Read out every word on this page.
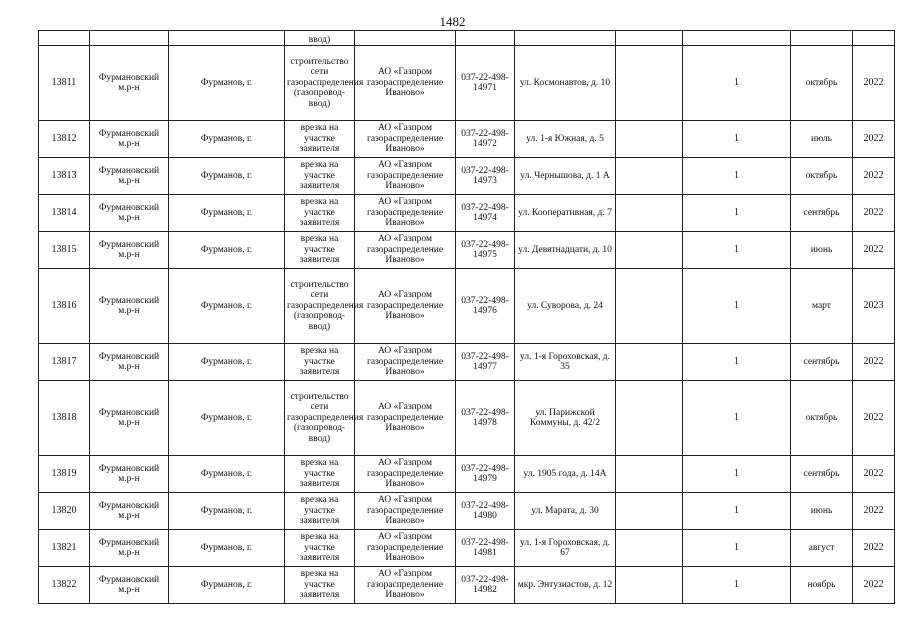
1482
			ввод)							
13811	Фурмановский м.р-н	Фурманов, г.	строительство сети газораспределения (газопровод-ввод)	АО «Газпром газораспределение Иваново»	037-22-498-14971	ул. Космонавтов, д. 10		1	октябрь	2022
13812	Фурмановский м.р-н	Фурманов, г.	врезка на участке заявителя	АО «Газпром газораспределение Иваново»	037-22-498-14972	ул. 1-я Южная, д. 5		1	июль	2022
13813	Фурмановский м.р-н	Фурманов, г.	врезка на участке заявителя	АО «Газпром газораспределение Иваново»	037-22-498-14973	ул. Чернышова, д. 1 А		1	октябрь	2022
13814	Фурмановский м.р-н	Фурманов, г.	врезка на участке заявителя	АО «Газпром газораспределение Иваново»	037-22-498-14974	ул. Кооперативная, д. 7		1	сентябрь	2022
13815	Фурмановский м.р-н	Фурманов, г.	врезка на участке заявителя	АО «Газпром газораспределение Иваново»	037-22-498-14975	ул. Девятнадцати, д. 10		1	июнь	2022
13816	Фурмановский м.р-н	Фурманов, г.	строительство сети газораспределения (газопровод-ввод)	АО «Газпром газораспределение Иваново»	037-22-498-14976	ул. Суворова, д. 24		1	март	2023
13817	Фурмановский м.р-н	Фурманов, г.	врезка на участке заявителя	АО «Газпром газораспределение Иваново»	037-22-498-14977	ул. 1-я Гороховская, д. 35		1	сентябрь	2022
13818	Фурмановский м.р-н	Фурманов, г.	строительство сети газораспределения (газопровод-ввод)	АО «Газпром газораспределение Иваново»	037-22-498-14978	ул. Парижской Коммуны, д. 42/2		1	октябрь	2022
13819	Фурмановский м.р-н	Фурманов, г.	врезка на участке заявителя	АО «Газпром газораспределение Иваново»	037-22-498-14979	ул. 1905 года, д. 14А		1	сентябрь	2022
13820	Фурмановский м.р-н	Фурманов, г.	врезка на участке заявителя	АО «Газпром газораспределение Иваново»	037-22-498-14980	ул. Марата, д. 30		1	июнь	2022
13821	Фурмановский м.р-н	Фурманов, г.	врезка на участке заявителя	АО «Газпром газораспределение Иваново»	037-22-498-14981	ул. 1-я Гороховская, д. 67		1	август	2022
13822	Фурмановский м.р-н	Фурманов, г.	врезка на участке заявителя	АО «Газпром газораспределение Иваново»	037-22-498-14982	мкр. Энтузиастов, д. 12		1	ноябрь	2022
